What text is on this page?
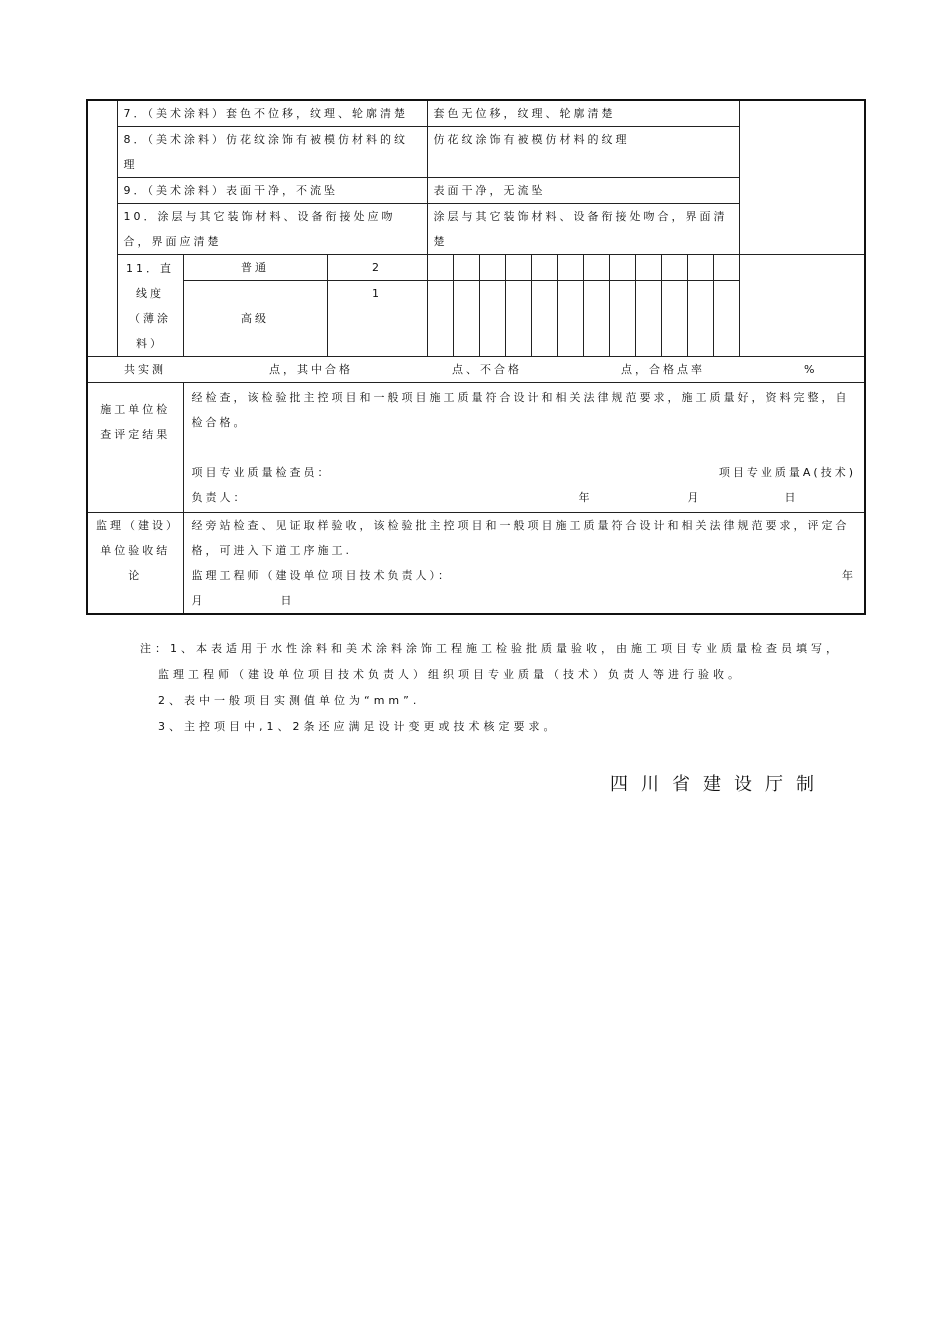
	7．（美术涂料）套色不位移，纹理、轮廓清楚			套色无位移，纹理、轮廓清楚												
	8．（美术涂料）仿花纹涂饰有被模仿材料的纹理			仿花纹涂饰有被模仿材料的纹理												
	9．（美术涂料）表面干净，不流坠			表面干净，无流坠												
	10．涂层与其它装饰材料、设备衔接处应吻合，界面应清楚			涂层与其它装饰材料、设备衔接处吻合，界面清楚												
	11．直线度（薄涂料）	普通	2													
		高级	1													
共实测 点，其中合格 点、不合格 点，合格点率 %																
施工单位检查评定结果		经检查，该检验批主控项目和一般项目施工质量符合设计和相关法律规范要求，施工质量好，资料完整，自检合格。
项目专业质量检查员： 项目专业质量A(技术)
负责人： 年 月 日														

监理（建设）单位验收结论		经旁站检查、见证取样验收，该检验批主控项目和一般项目施工质量符合设计和相关法律规范要求，评定合格，可进入下道工序施工.
监理工程师（建设单位项目技术负责人）： 年
月 日														
注：1、本表适用于水性涂料和美术涂料涂饰工程施工检验批质量验收，由施工项目专业质量检查员填写，监理工程师（建设单位项目技术负责人）组织项目专业质量（技术）负责人等进行验收。
2、表中一般项目实测值单位为“mm”.
3、主控项目中,1、2条还应满足设计变更或技术核定要求。
四川省建设厅制
